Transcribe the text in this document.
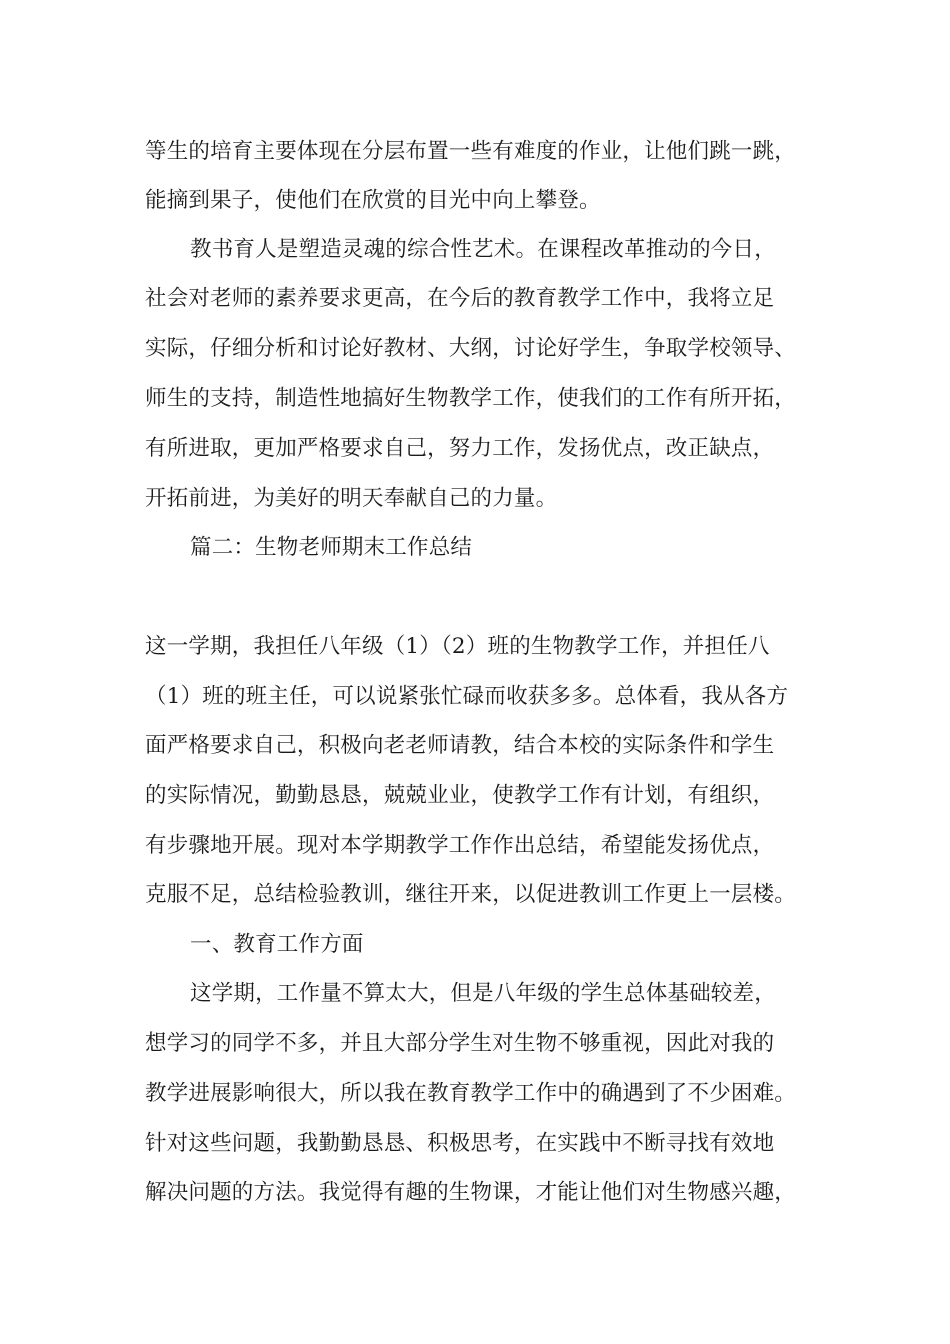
等生的培育主要体现在分层布置一些有难度的作业，让他们跳一跳，
能摘到果子，使他们在欣赏的目光中向上攀登。
教书育人是塑造灵魂的综合性艺术。在课程改革推动的今日，
社会对老师的素养要求更高，在今后的教育教学工作中，我将立足
实际，仔细分析和讨论好教材、大纲，讨论好学生，争取学校领导、
师生的支持，制造性地搞好生物教学工作，使我们的工作有所开拓，
有所进取，更加严格要求自己，努力工作，发扬优点，改正缺点，
开拓前进，为美好的明天奉献自己的力量。
篇二：生物老师期末工作总结
这一学期，我担任八年级（1）（2）班的生物教学工作，并担任八
（1）班的班主任，可以说紧张忙碌而收获多多。总体看，我从各方
面严格要求自己，积极向老老师请教，结合本校的实际条件和学生
的实际情况，勤勤恳恳，兢兢业业，使教学工作有计划，有组织，
有步骤地开展。现对本学期教学工作作出总结，希望能发扬优点，
克服不足，总结检验教训，继往开来，以促进教训工作更上一层楼。
一、教育工作方面
这学期，工作量不算太大，但是八年级的学生总体基础较差，
想学习的同学不多，并且大部分学生对生物不够重视，因此对我的
教学进展影响很大，所以我在教育教学工作中的确遇到了不少困难。
针对这些问题，我勤勤恳恳、积极思考，在实践中不断寻找有效地
解决问题的方法。我觉得有趣的生物课，才能让他们对生物感兴趣，
